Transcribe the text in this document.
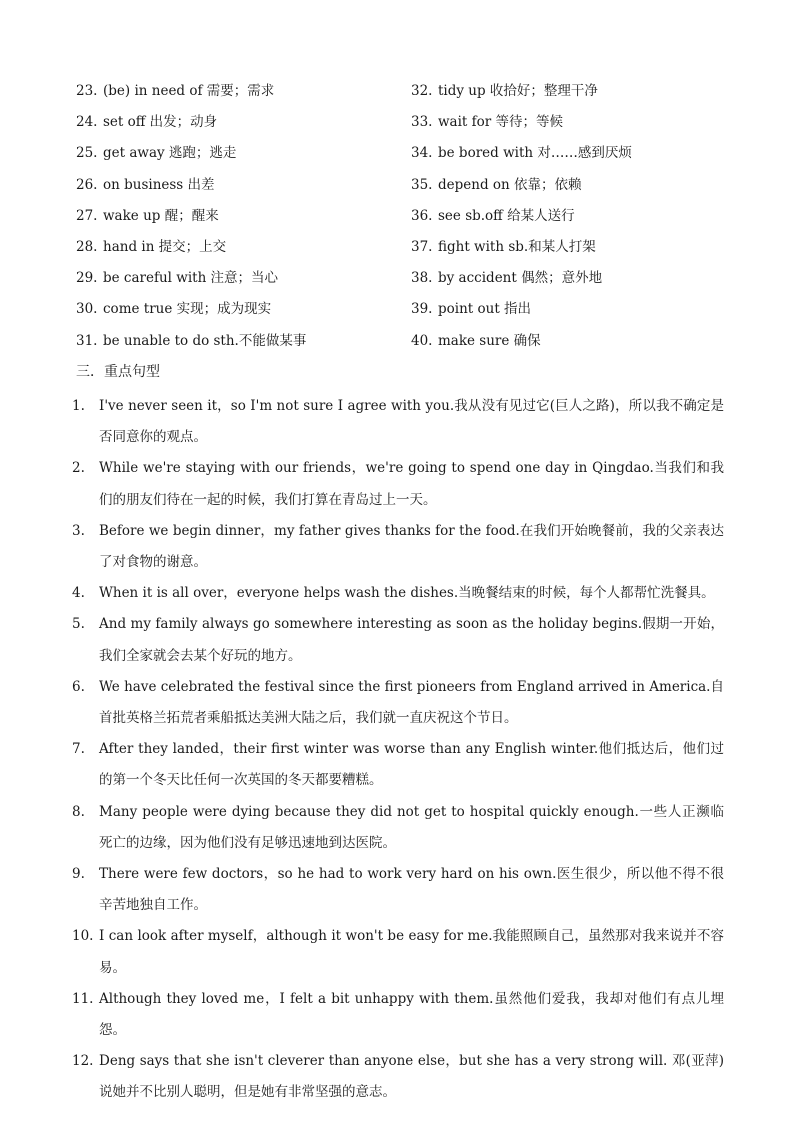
23. (be) in need of 需要；需求	32. tidy up 收拾好；整理干净
24. set off 出发；动身	33. wait for 等待；等候
25. get away 逃跑；逃走	34. be bored with 对……感到厌烦
26. on business 出差	35. depend on 依靠；依赖
27. wake up 醒；醒来	36. see sb.off 给某人送行
28. hand in 提交；上交	37. fight with sb.和某人打架
29. be careful with 注意；当心	38. by accident 偶然；意外地
30. come true 实现；成为现实	39. point out 指出
31. be unable to do sth.不能做某事	40. make sure 确保
三．重点句型
1.	I've never seen it，so I'm not sure I agree with you.我从没有见过它(巨人之路)，所以我不确定是否同意你的观点。
2.	While we're staying with our friends，we're going to spend one day in Qingdao.当我们和我们的朋友们待在一起的时候，我们打算在青岛过上一天。
3.	Before we begin dinner，my father gives thanks for the food.在我们开始晚餐前，我的父亲表达了对食物的谢意。
4.	When it is all over，everyone helps wash the dishes.当晚餐结束的时候，每个人都帮忙洗餐具。
5.	And my family always go somewhere interesting as soon as the holiday begins.假期一开始，我们全家就会去某个好玩的地方。
6.	We have celebrated the festival since the first pioneers from England arrived in America.自首批英格兰拓荒者乘船抵达美洲大陆之后，我们就一直庆祝这个节日。
7.	After they landed，their first winter was worse than any English winter.他们抵达后，他们过的第一个冬天比任何一次英国的冬天都要糟糕。
8.	Many people were dying because they did not get to hospital quickly enough.一些人正濒临死亡的边缘，因为他们没有足够迅速地到达医院。
9.	There were few doctors，so he had to work very hard on his own.医生很少，所以他不得不很辛苦地独自工作。
10. I can look after myself，although it won't be easy for me.我能照顾自己，虽然那对我来说并不容易。
11. Although they loved me，I felt a bit unhappy with them.虽然他们爱我，我却对他们有点儿埋怨。
12. Deng says that she isn't cleverer than anyone else，but she has a very strong will. 邓(亚萍)说她并不比别人聪明，但是她有非常坚强的意志。
